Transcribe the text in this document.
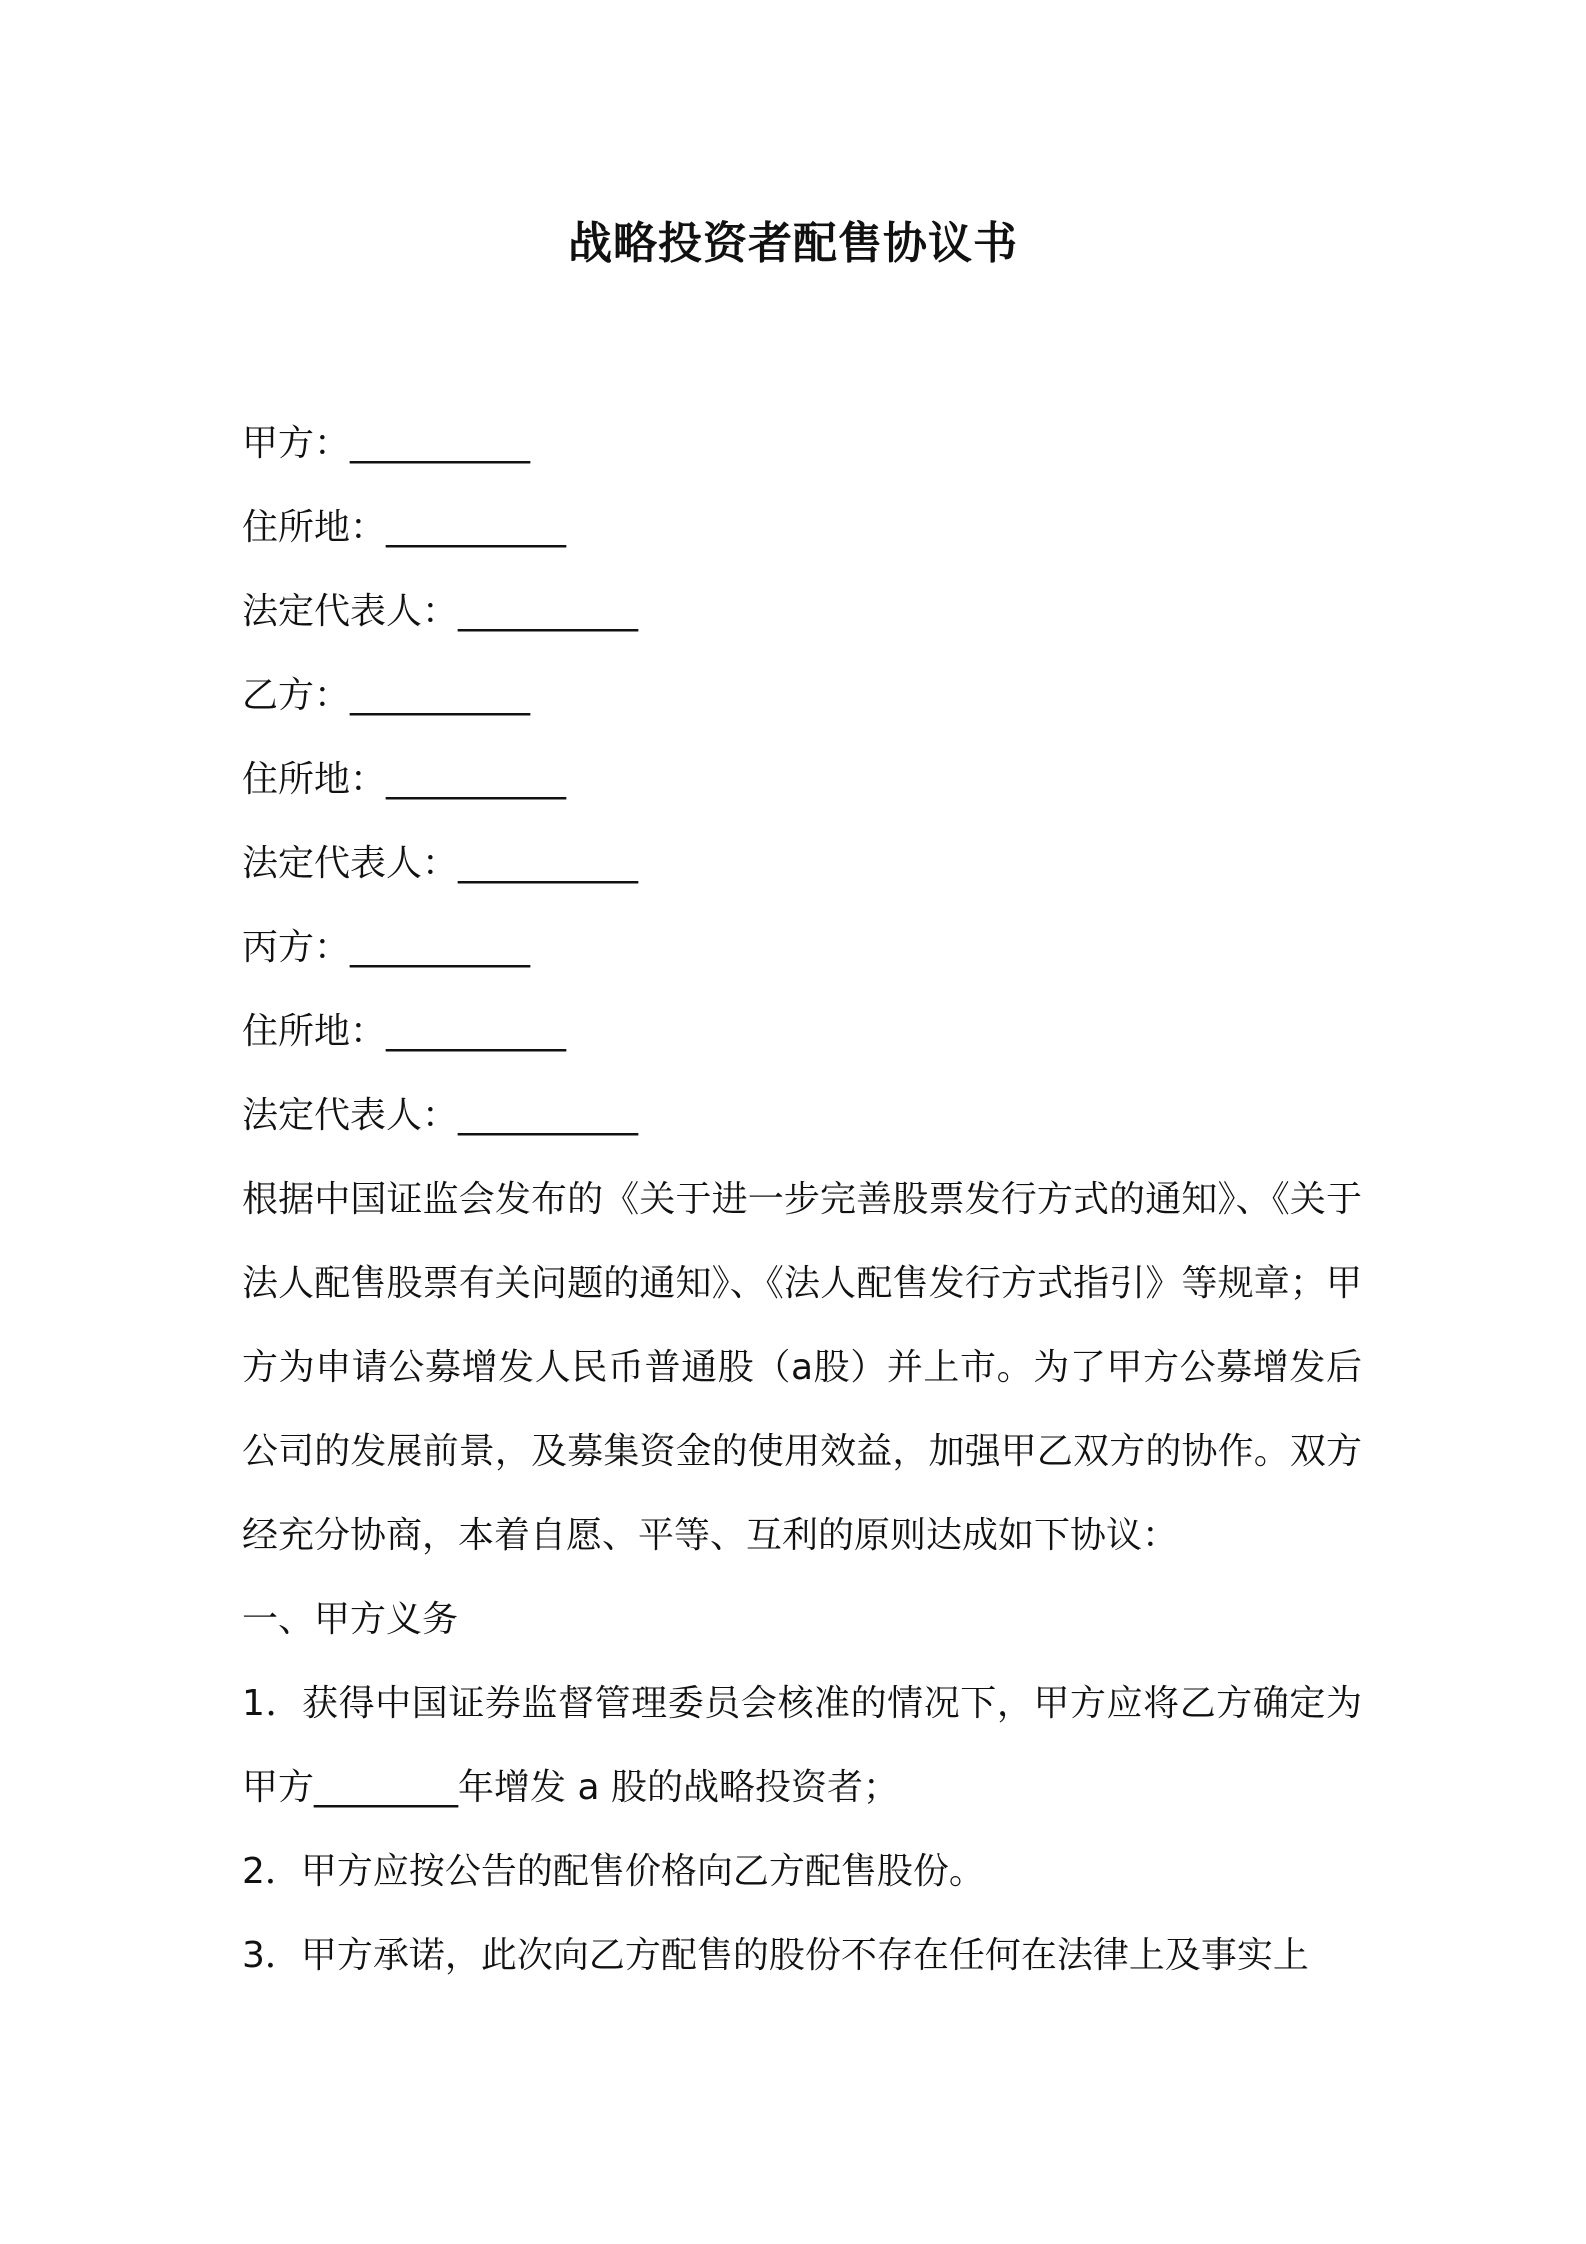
战略投资者配售协议书
甲方：__________
住所地：__________
法定代表人：__________
乙方：__________
住所地：__________
法定代表人：__________
丙方：__________
住所地：__________
法定代表人：__________

根据中国证监会发布的《关于进一步完善股票发行方式的通知》、《关于法人配售股票有关问题的通知》、《法人配售发行方式指引》等规章；甲方为申请公募增发人民币普通股（a股）并上市。为了甲方公募增发后公司的发展前景，及募集资金的使用效益，加强甲乙双方的协作。双方经充分协商，本着自愿、平等、互利的原则达成如下协议：

一、甲方义务

1．获得中国证券监督管理委员会核准的情况下，甲方应将乙方确定为甲方________年增发 a 股的战略投资者；

2．甲方应按公告的配售价格向乙方配售股份。

3．甲方承诺，此次向乙方配售的股份不存在任何在法律上及事实上
